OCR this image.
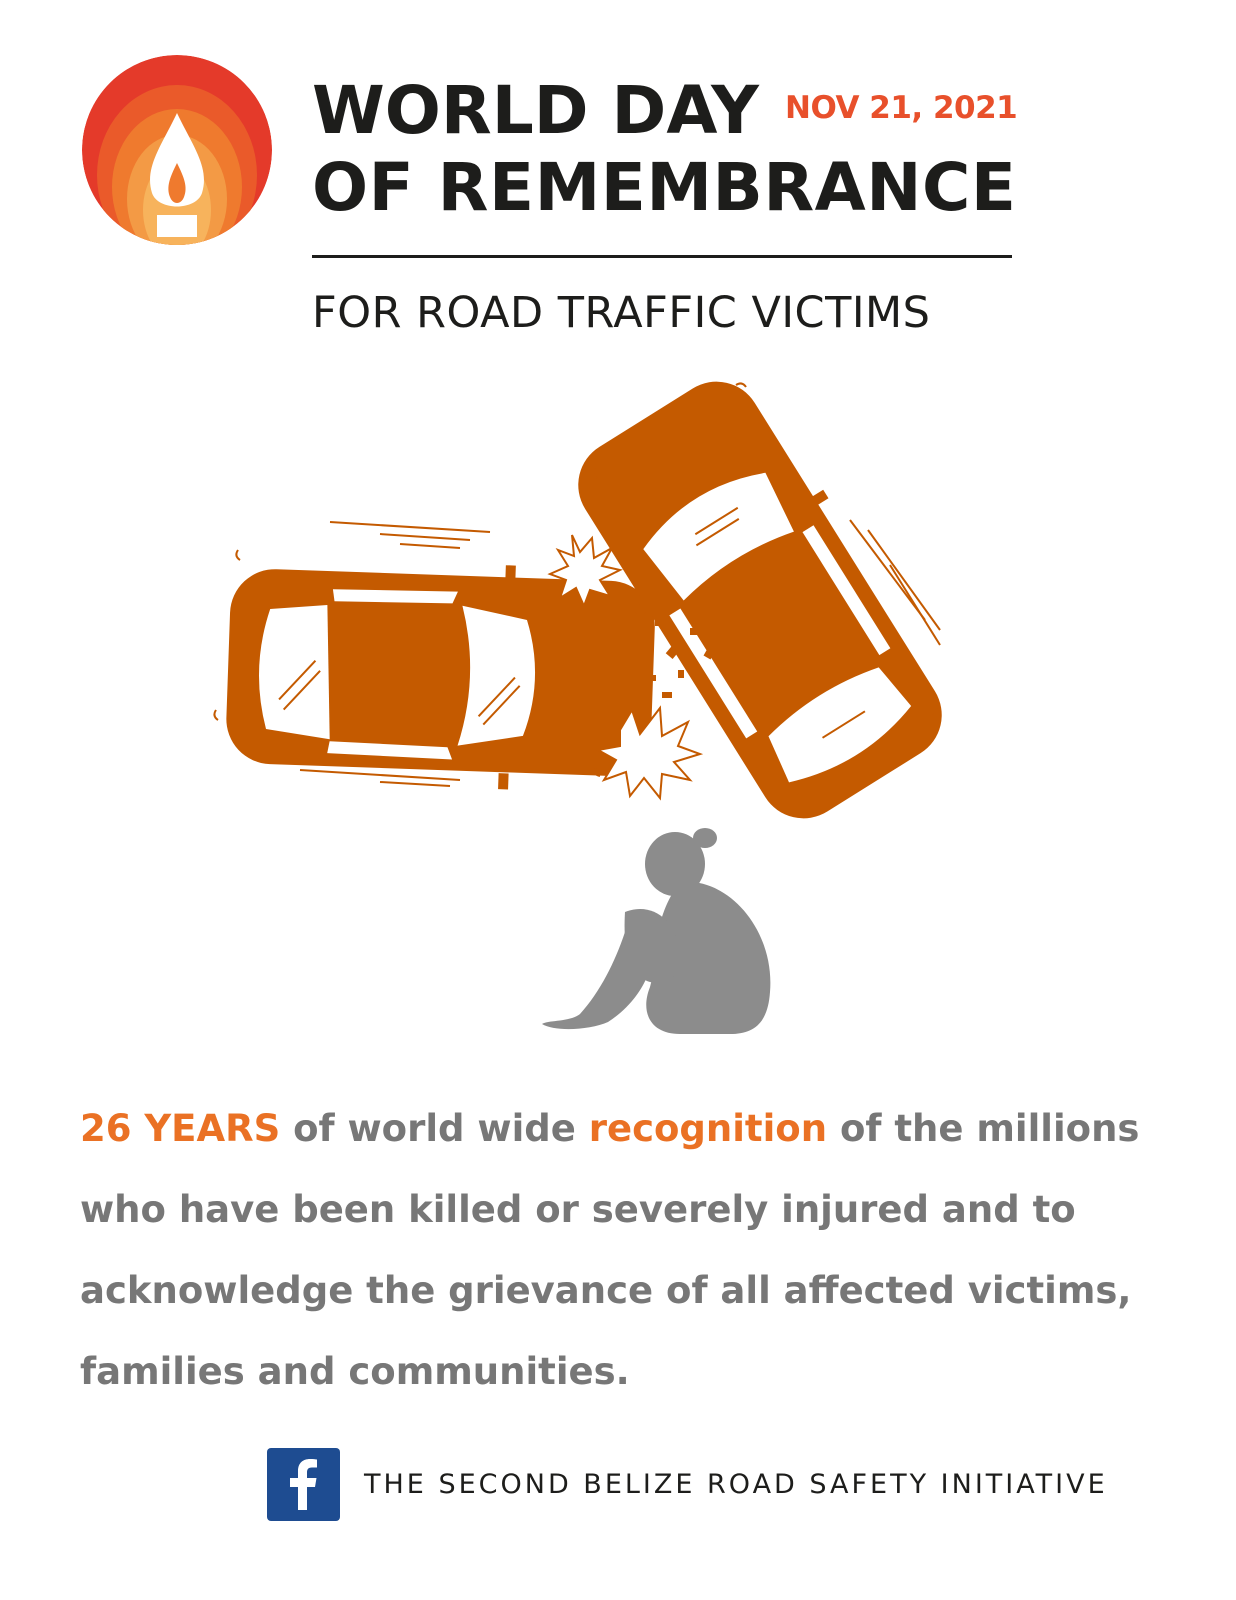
WORLD DAY
OF REMEMBRANCE
NOV 21, 2021
FOR ROAD TRAFFIC VICTIMS
26 YEARS of world wide recognition of the millions who have been killed or severely injured and to acknowledge the grievance of all affected victims, families and communities.
THE SECOND BELIZE ROAD SAFETY INITIATIVE
